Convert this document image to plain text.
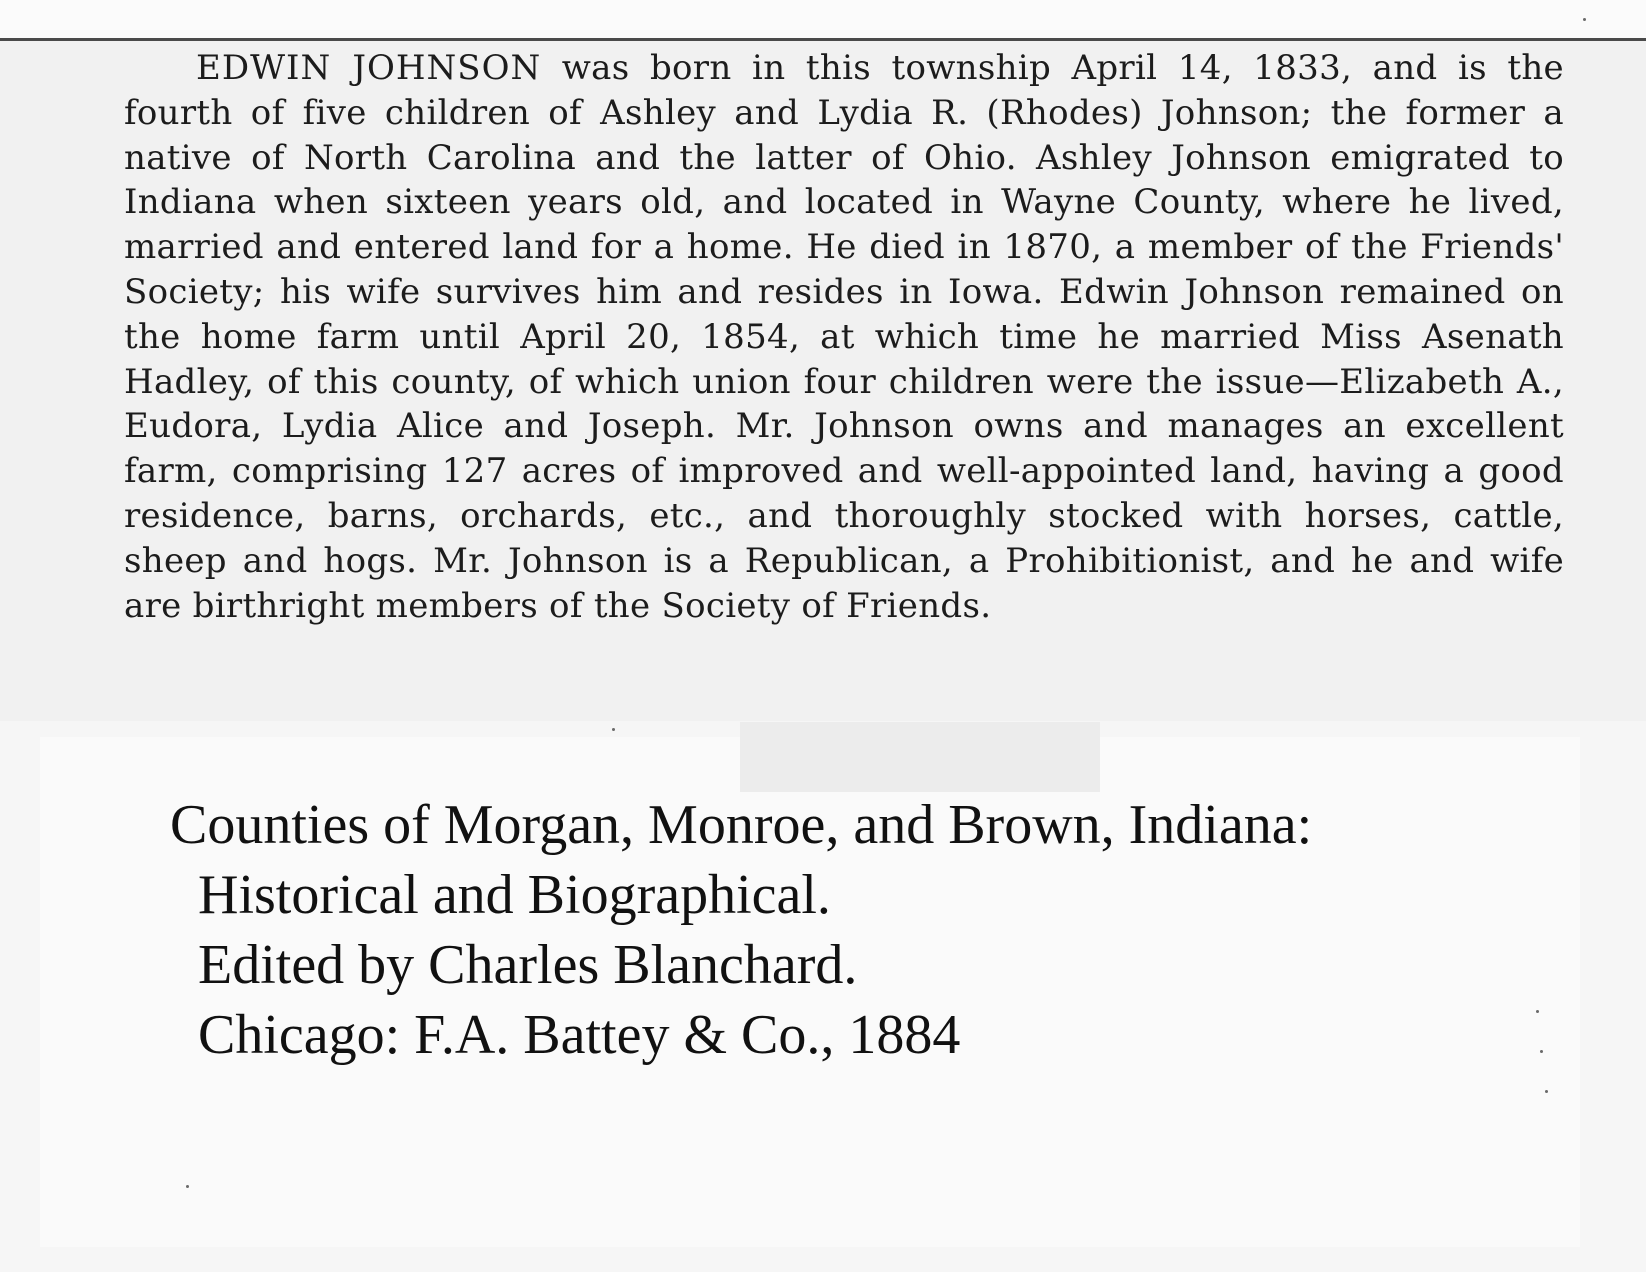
EDWIN JOHNSON was born in this township April 14, 1833, and is the fourth of five children of Ashley and Lydia R. (Rhodes) Johnson; the former a native of North Carolina and the latter of Ohio. Ashley Johnson emigrated to Indiana when sixteen years old, and located in Wayne County, where he lived, married and entered land for a home. He died in 1870, a member of the Friends' Society; his wife survives him and resides in Iowa. Edwin Johnson remained on the home farm until April 20, 1854, at which time he married Miss Asenath Hadley, of this county, of which union four children were the issue—Elizabeth A., Eudora, Lydia Alice and Joseph. Mr. Johnson owns and manages an excellent farm, comprising 127 acres of improved and well-appointed land, having a good residence, barns, orchards, etc., and thoroughly stocked with horses, cattle, sheep and hogs. Mr. Johnson is a Republican, a Prohibitionist, and he and wife are birthright members of the Society of Friends.

Counties of Morgan, Monroe, and Brown, Indiana:
Historical and Biographical.
Edited by Charles Blanchard.
Chicago: F.A. Battey & Co., 1884
